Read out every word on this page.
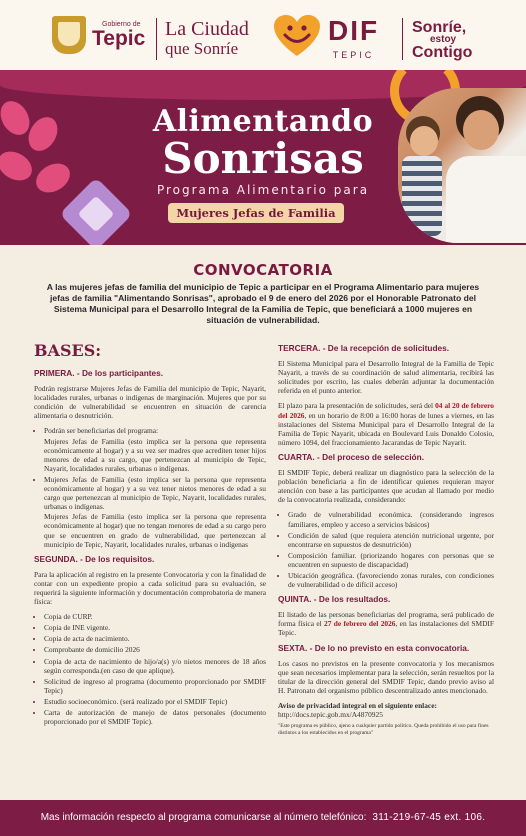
Gobierno de
Tepic La Ciudad
que Sonríe
DIF
TEPIC
Sonríe,
estoy
Contigo
Alimentando
Sonrisas
Programa Alimentario para
Mujeres Jefas de Familia
CONVOCATORIA
A las mujeres jefas de familia del municipio de Tepic a participar en el Programa Alimentario para mujeres jefas de familia "Alimentando Sonrisas", aprobado el 9 de enero del 2026 por el Honorable Patronato del Sistema Municipal para el Desarrollo Integral de la Familia de Tepic, que beneficiará a 1000 mujeres en situación de vulnerabilidad.
BASES:
PRIMERA. - De los participantes.
Podrán registrarse Mujeres Jefas de Familia del municipio de Tepic, Nayarit, localidades rurales, urbanas o indígenas de marginación. Mujeres que por su condición de vulnerabilidad se encuentren en situación de carencia alimentaria o desnutrición.
• Podrán ser beneficiarias del programa:
Mujeres Jefas de Familia (esto implica ser la persona que representa económicamente al hogar) y a su vez ser madres que acrediten tener hijos menores de edad a su cargo, que pertenezcan al municipio de Tepic, Nayarit, localidades rurales, urbanas o indígenas.
• Mujeres Jefas de Familia (esto implica ser la persona que representa económicamente al hogar) y a su vez tener nietos menores de edad a su cargo que pertenezcan al municipio de Tepic, Nayarit, localidades rurales, urbanas o indígenas.
Mujeres Jefas de Familia (esto implica ser la persona que representa económicamente al hogar) que no tengan menores de edad a su cargo pero que se encuentren en grado de vulnerabilidad, que pertenezcan al municipio de Tepic, Nayarit, localidades rurales, urbanas o indígenas
SEGUNDA. - De los requisitos.
Para la aplicación al registro en la presente Convocatoria y con la finalidad de contar con un expediente propio a cada solicitud para su evaluación, se requerirá la siguiente información y documentación comprobatoria de manera física:
• Copia de CURP.
• Copia de INE vigente.
• Copia de acta de nacimiento.
• Comprobante de domicilio 2026
• Copia de acta de nacimiento de hijo/a(s) y/o nietos menores de 18 años según corresponda.(en caso de que aplique).
• Solicitud de ingreso al programa (documento proporcionado por SMDIF Tepic)
• Estudio socioeconómico. (será realizado por el SMDIF Tepic)
• Carta de autorización de manejo de datos personales (documento proporcionado por el SMDIF Tepic).
TERCERA. - De la recepción de solicitudes.
El Sistema Municipal para el Desarrollo Integral de la Familia de Tepic Nayarit, a través de su coordinación de salud alimentaria, recibirá las solicitudes por escrito, las cuales deberán adjuntar la documentación referida en el punto anterior.
El plazo para la presentación de solicitudes, será del 04 al 20 de febrero del 2026, en un horario de 8:00 a 16:00 horas de lunes a viernes, en las instalaciones del Sistema Municipal para el Desarrollo Integral de la Familia de Tepic Nayarit, ubicada en Boulevard Luis Donaldo Colosio, número 1094, del fraccionamiento Jacarandas de Tepic Nayarit.
CUARTA. - Del proceso de selección.
El SMDIF Tepic, deberá realizar un diagnóstico para la selección de la población beneficiaria a fin de identificar quienes requieran mayor atención con base a las participantes que acudan al llamado por medio de la convocatoria realizada, considerando:
• Grado de vulnerabilidad económica. (considerando ingresos familiares, empleo y acceso a servicios básicos)
• Condición de salud (que requiera atención nutricional urgente, por encontrarse en supuestos de desnutrición)
• Composición familiar. (priorizando hogares con personas que se encuentren en supuesto de discapacidad)
• Ubicación geográfica. (favoreciendo zonas rurales, con condiciones de vulnerabilidad o de difícil acceso)
QUINTA. - De los resultados.
El listado de las personas beneficiarias del programa, será publicado de forma física el 27 de febrero del 2026, en las instalaciones del SMDIF Tepic.
SEXTA. - De lo no previsto en esta convocatoria.
Los casos no previstos en la presente convocatoria y los mecanismos que sean necesarios implementar para la selección, serán resueltos por la titular de la dirección general del SMDIF Tepic, dando previo aviso al H. Patronato del organismo público descentralizado antes mencionado.
Aviso de privacidad integral en el siguiente enlace:
http://docs.tepic.gob.mx/A4870925
"Este programa es público, ajeno a cualquier partido político. Queda prohibido el uso para fines distintos a los establecidos en el programa"
Mas información respecto al programa comunicarse al número telefónico: 311-219-67-45 ext. 106.
